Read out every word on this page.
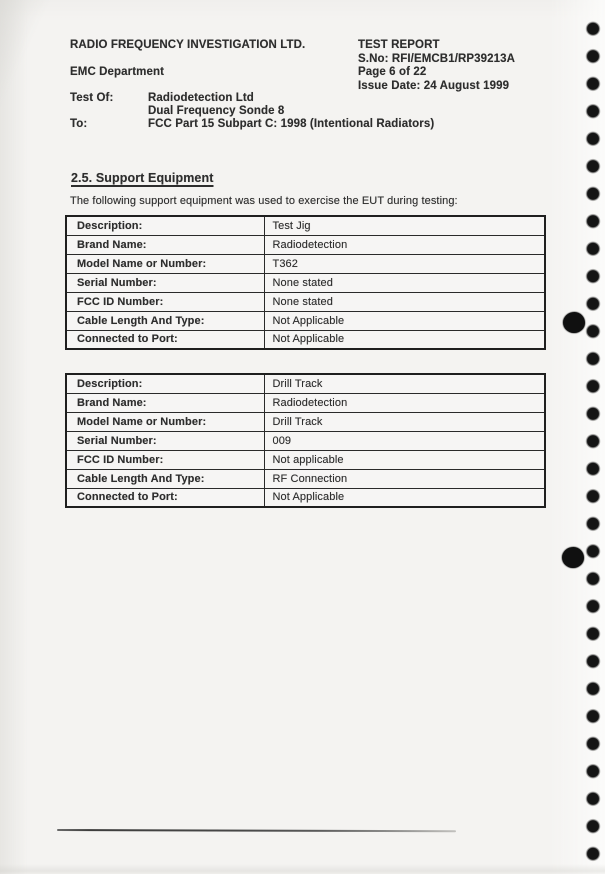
RADIO FREQUENCY INVESTIGATION LTD.
EMC Department
TEST REPORT
S.No: RFI/EMCB1/RP39213A
Page 6 of 22
Issue Date: 24 August 1999
Test Of:	Radiodetection Ltd
Dual Frequency Sonde 8
To:	FCC Part 15 Subpart C: 1998 (Intentional Radiators)
2.5. Support Equipment
The following support equipment was used to exercise the EUT during testing:
Description:	Test Jig
Brand Name:	Radiodetection
Model Name or Number:	T362
Serial Number:	None stated
FCC ID Number:	None stated
Cable Length And Type:	Not Applicable
Connected to Port:	Not Applicable
Description:	Drill Track
Brand Name:	Radiodetection
Model Name or Number:	Drill Track
Serial Number:	009
FCC ID Number:	Not applicable
Cable Length And Type:	RF Connection
Connected to Port:	Not Applicable
